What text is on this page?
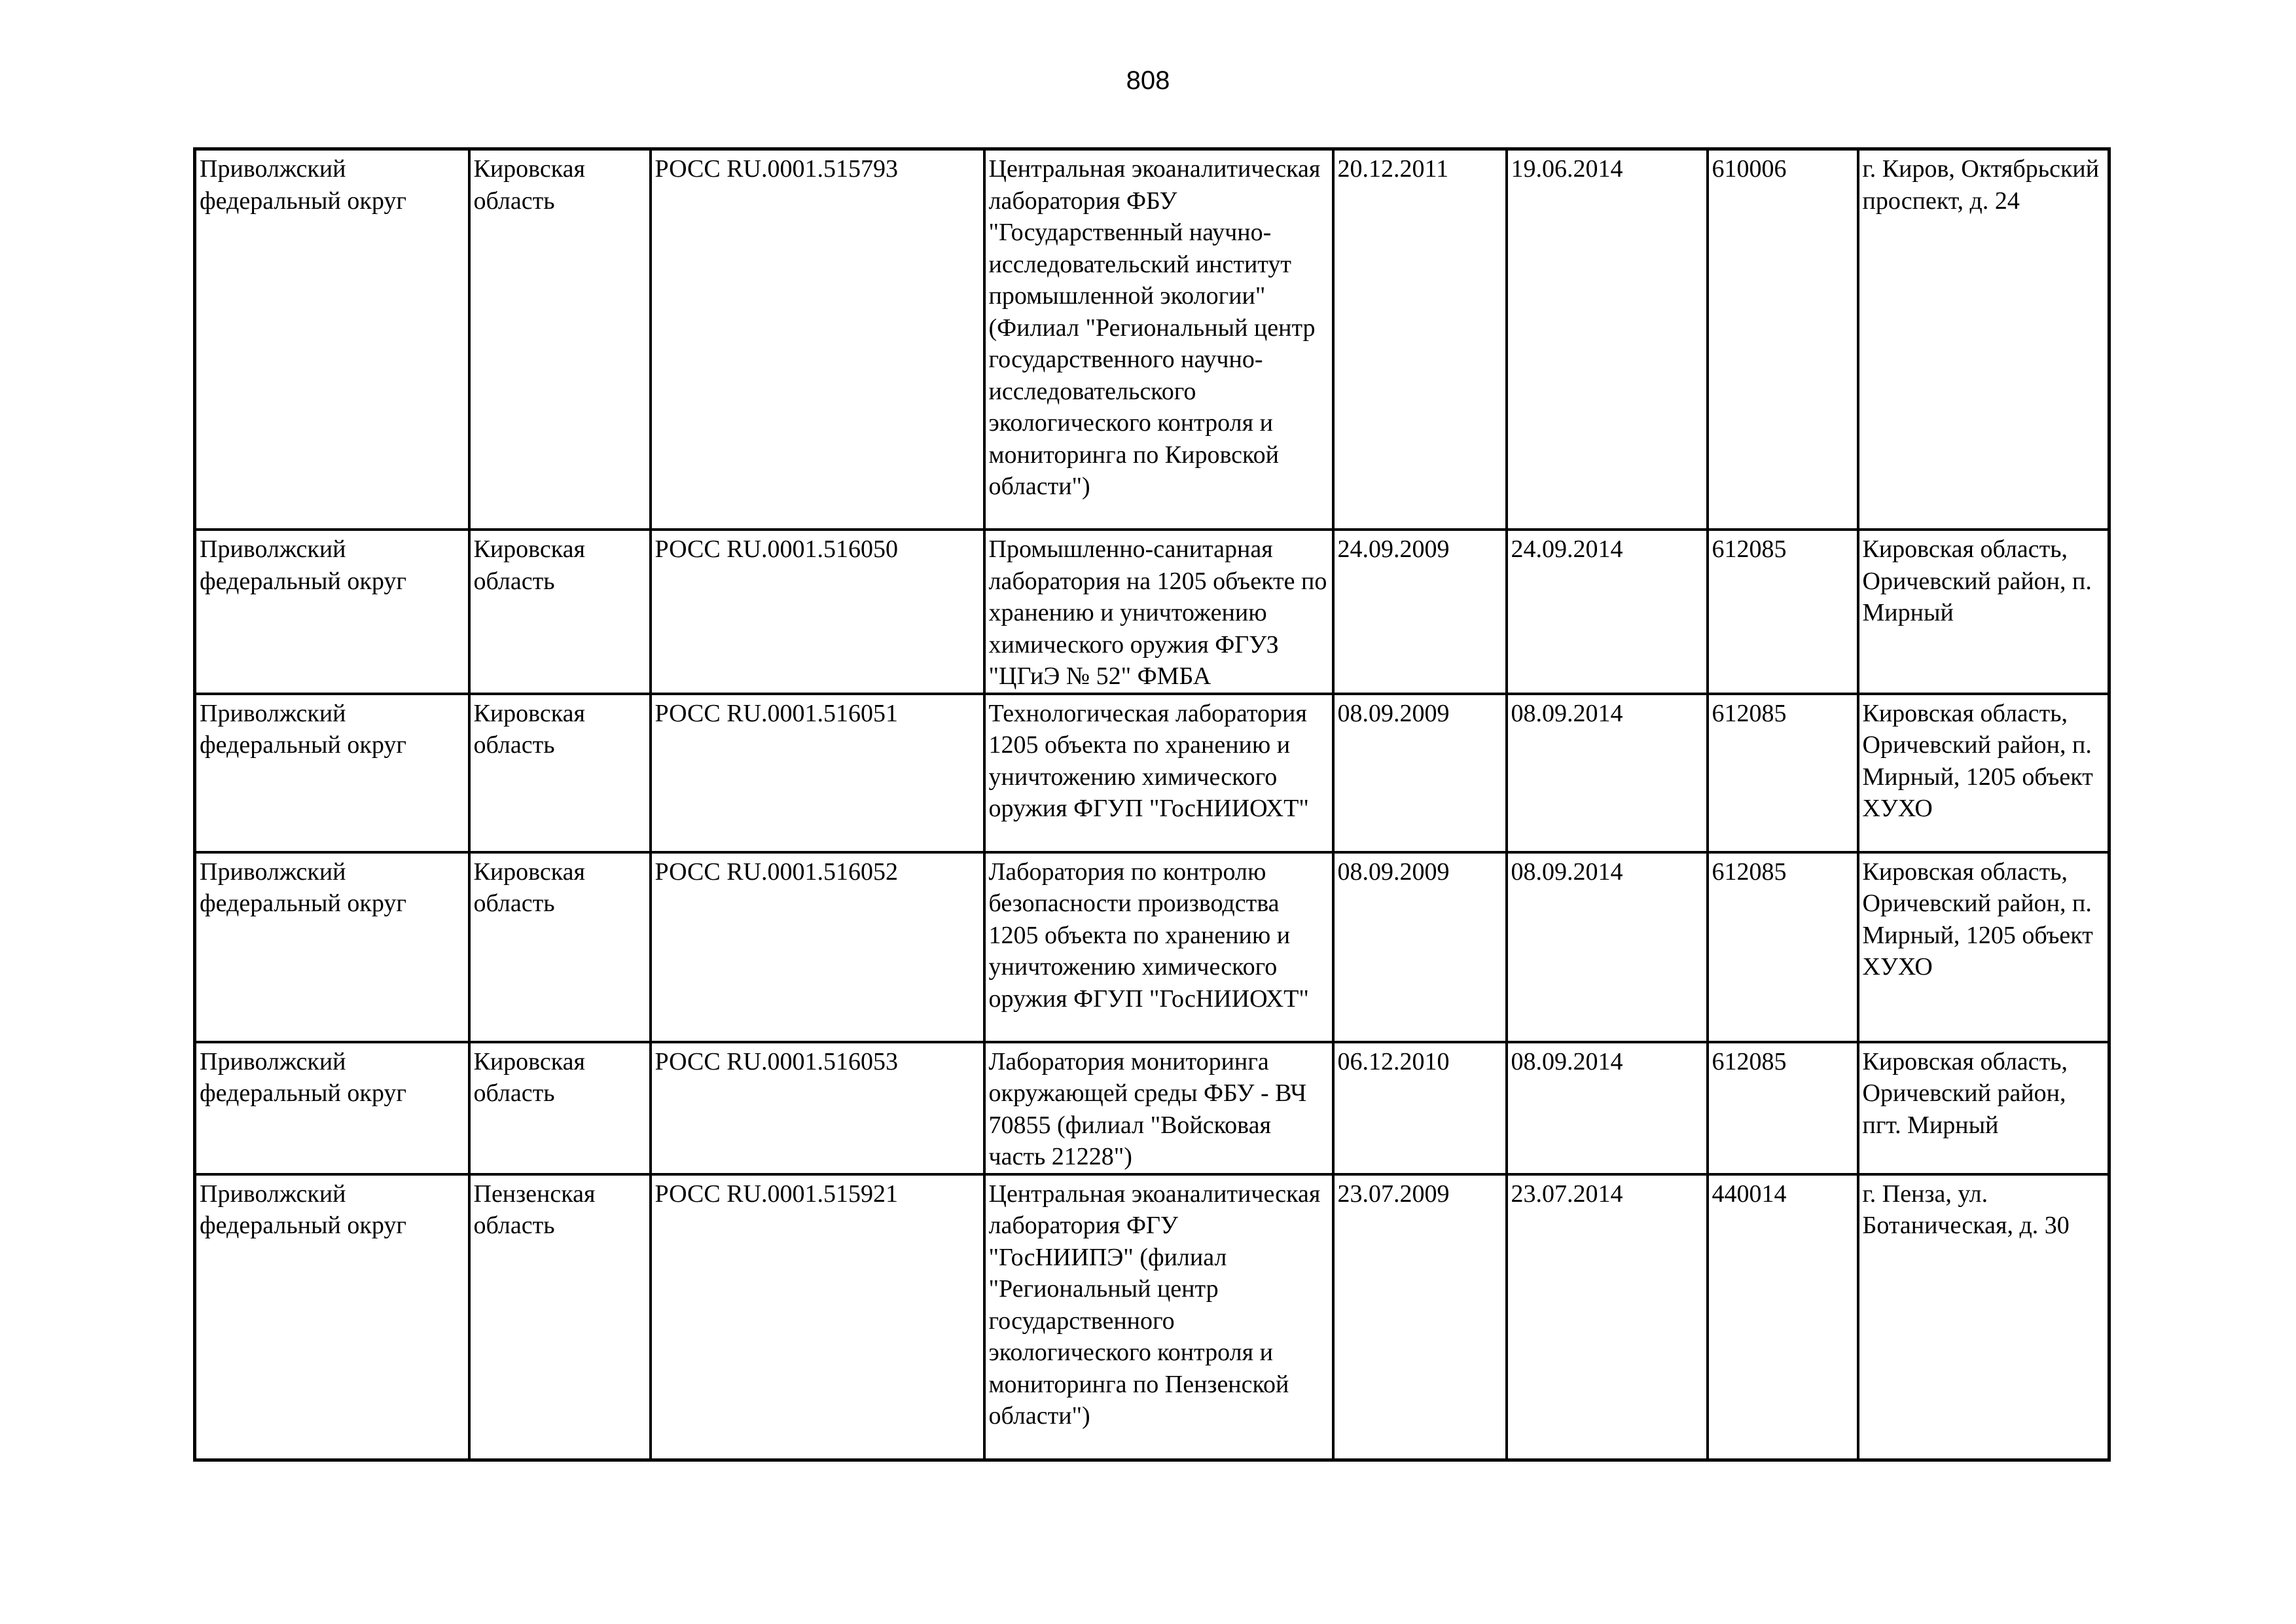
808
Приволжский федеральный округ	Кировская область	РОСС RU.0001.515793	Центральная экоаналитическая лаборатория ФБУ "Государственный научно-исследовательский институт промышленной экологии" (Филиал "Региональный центр государственного научно-исследовательского экологического контроля и мониторинга по Кировской области")	20.12.2011	19.06.2014	610006	г. Киров, Октябрьский проспект, д. 24
Приволжский федеральный округ	Кировская область	РОСС RU.0001.516050	Промышленно-санитарная лаборатория на 1205 объекте по хранению и уничтожению химического оружия ФГУЗ "ЦГиЭ № 52" ФМБА	24.09.2009	24.09.2014	612085	Кировская область, Оричевский район, п. Мирный
Приволжский федеральный округ	Кировская область	РОСС RU.0001.516051	Технологическая лаборатория 1205 объекта по хранению и уничтожению химического оружия ФГУП "ГосНИИОХТ"	08.09.2009	08.09.2014	612085	Кировская область, Оричевский район, п. Мирный, 1205 объект ХУХО
Приволжский федеральный округ	Кировская область	РОСС RU.0001.516052	Лаборатория по контролю безопасности производства 1205 объекта по хранению и уничтожению химического оружия ФГУП "ГосНИИОХТ"	08.09.2009	08.09.2014	612085	Кировская область, Оричевский район, п. Мирный, 1205 объект ХУХО
Приволжский федеральный округ	Кировская область	РОСС RU.0001.516053	Лаборатория мониторинга окружающей среды ФБУ - ВЧ 70855 (филиал "Войсковая часть 21228")	06.12.2010	08.09.2014	612085	Кировская область, Оричевский район, пгт. Мирный
Приволжский федеральный округ	Пензенская область	РОСС RU.0001.515921	Центральная экоаналитическая лаборатория ФГУ "ГосНИИПЭ" (филиал "Региональный центр государственного экологического контроля и мониторинга по Пензенской области")	23.07.2009	23.07.2014	440014	г. Пенза, ул. Ботаническая, д. 30
